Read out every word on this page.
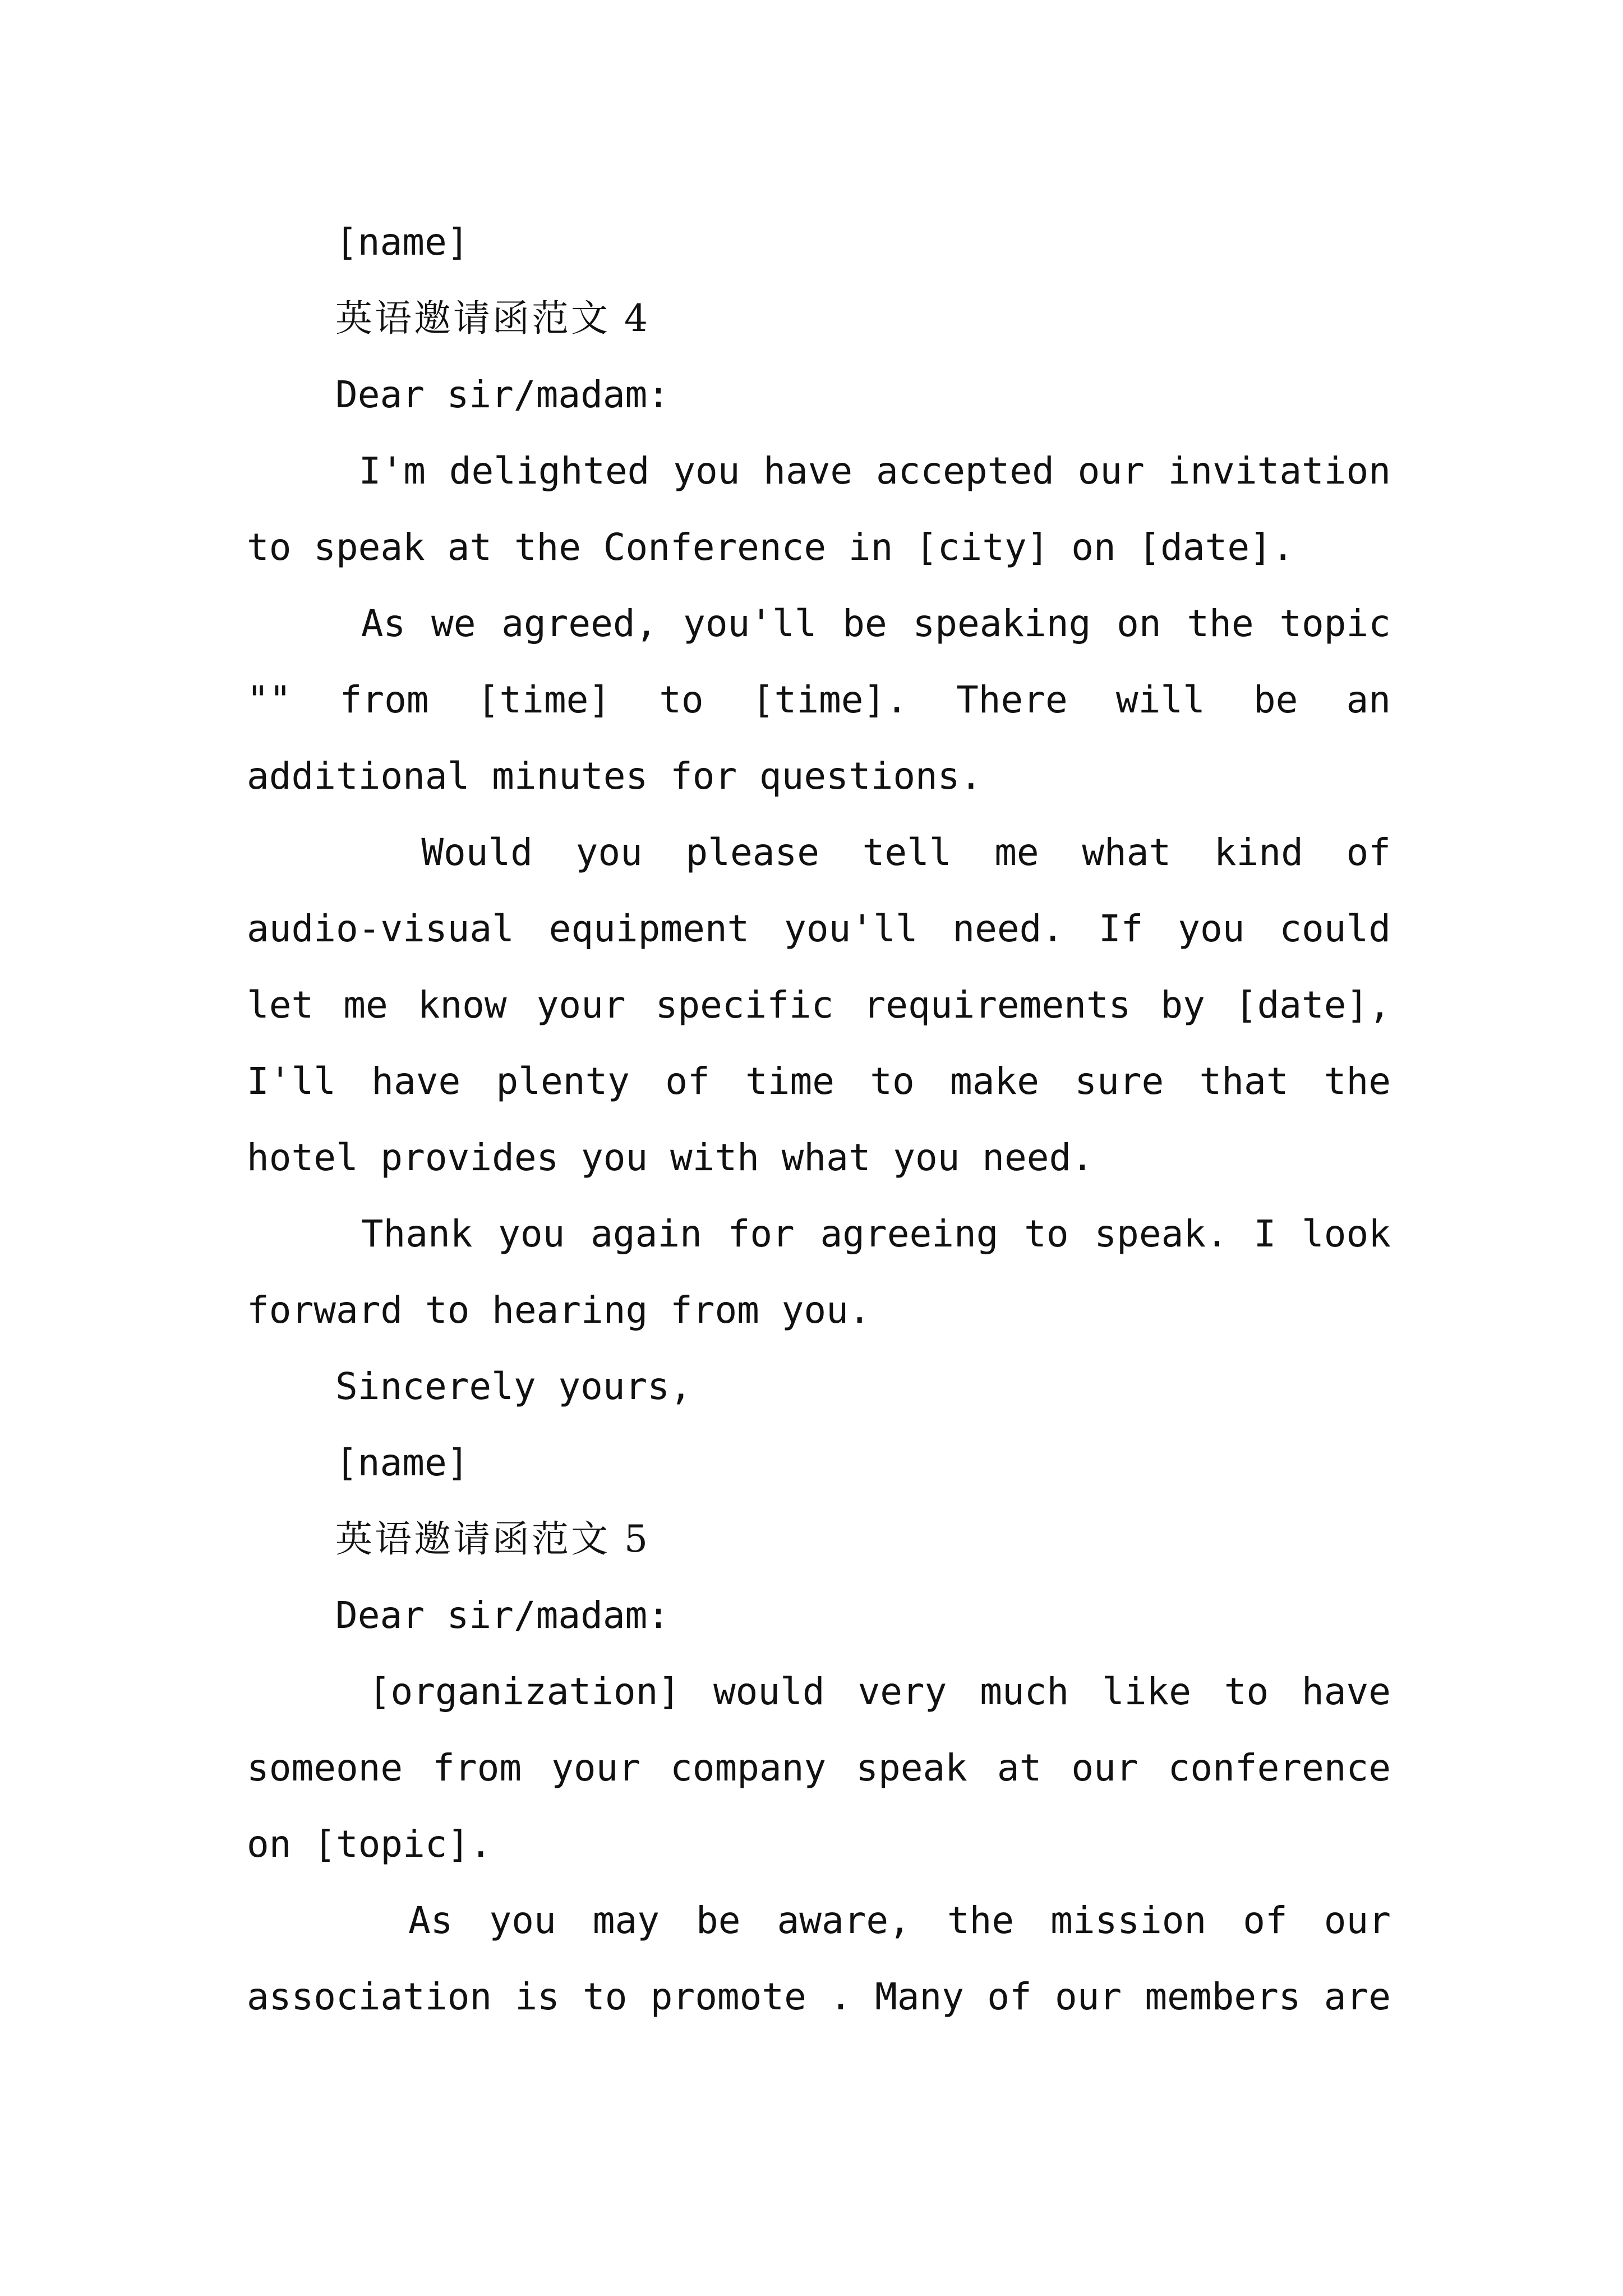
[name]
英语邀请函范文 4
Dear sir/madam:
I'm delighted you have accepted our invitation
to speak at the Conference in [city] on [date].
As we agreed, you'll be speaking on the topic
"" from [time] to [time]. There will be an
additional minutes for questions.
Would you please tell me what kind of
audio-visual equipment you'll need. If you could
let me know your specific requirements by [date],
I'll have plenty of time to make sure that the
hotel provides you with what you need.
Thank you again for agreeing to speak. I look
forward to hearing from you.
Sincerely yours,
[name]
英语邀请函范文 5
Dear sir/madam:
[organization] would very much like to have
someone from your company speak at our conference
on [topic].
As you may be aware, the mission of our
association is to promote . Many of our members are
